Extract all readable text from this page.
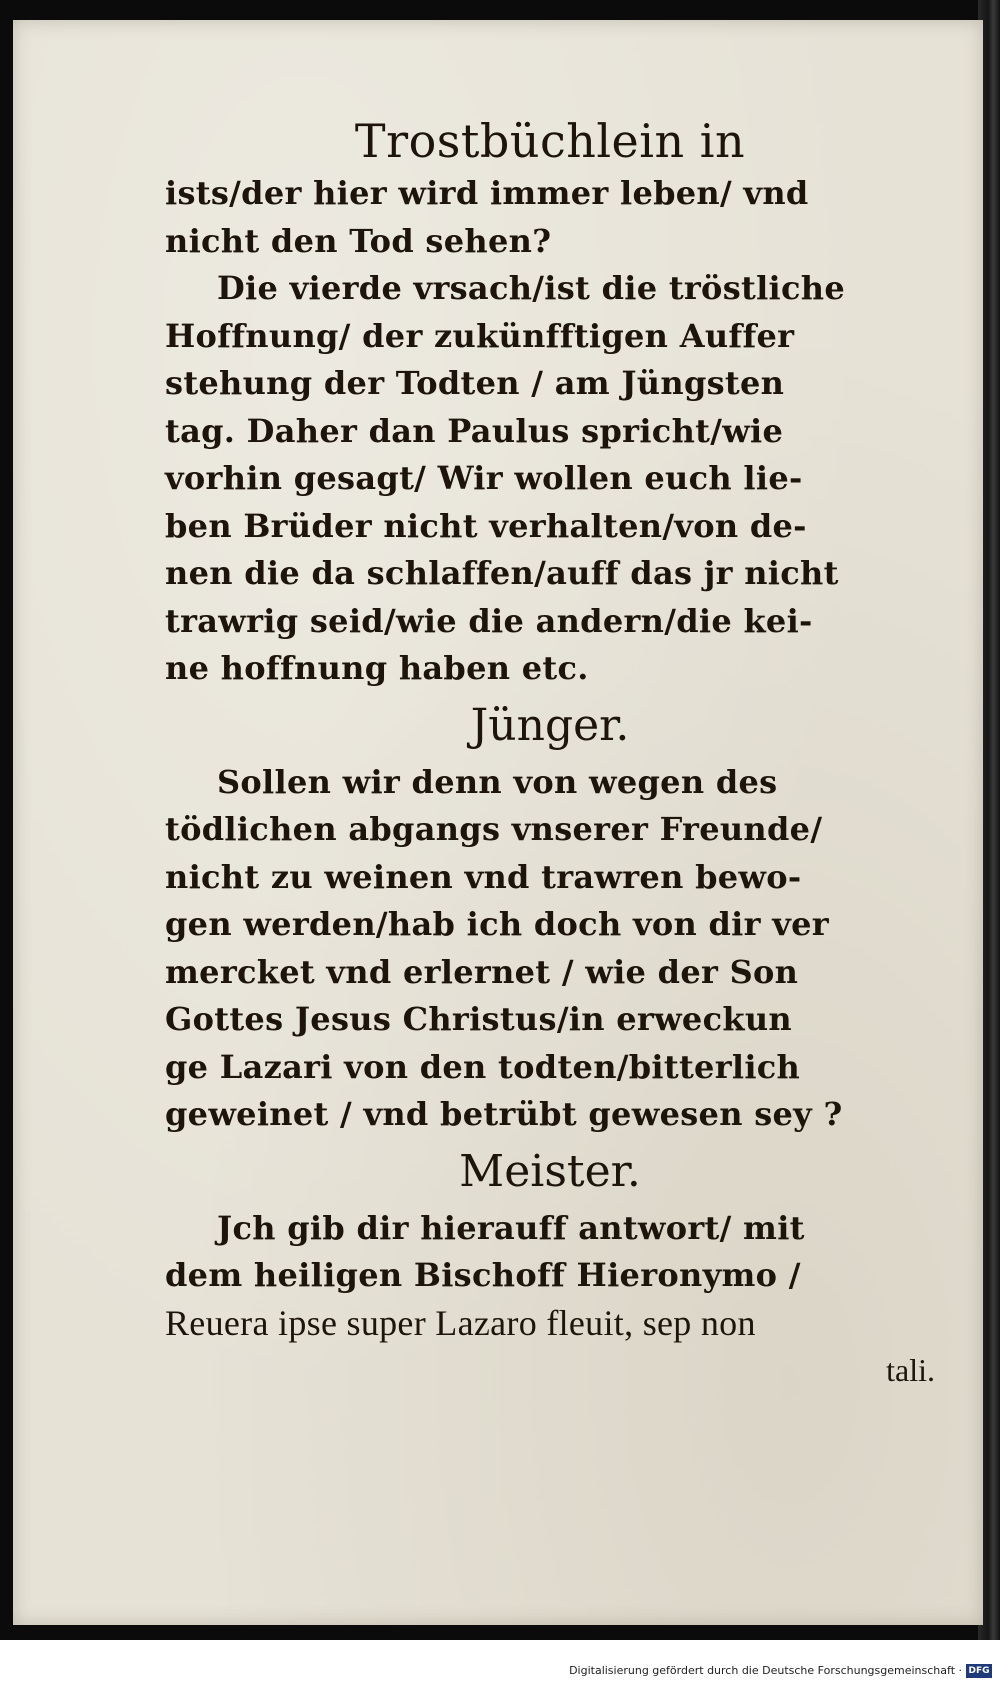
Trostbüchlein in
ists/der hier wird immer leben/ vnd
nicht den Tod sehen?
Die vierde vrsach/ist die tröstliche
Hoffnung/ der zukünfftigen Auffer
stehung der Todten / am Jüngsten
tag. Daher dan Paulus spricht/wie
vorhin gesagt/ Wir wollen euch lie-
ben Brüder nicht verhalten/von de-
nen die da schlaffen/auff das jr nicht
trawrig seid/wie die andern/die kei-
ne hoffnung haben etc.
Jünger.
Sollen wir denn von wegen des
tödlichen abgangs vnserer Freunde/
nicht zu weinen vnd trawren bewo-
gen werden/hab ich doch von dir ver
mercket vnd erlernet / wie der Son
Gottes Jesus Christus/in erweckun
ge Lazari von den todten/bitterlich
geweinet / vnd betrübt gewesen sey ?
Meister.
Jch gib dir hierauff antwort/ mit
dem heiligen Bischoff Hieronymo /
Reuera ipse super Lazaro fleuit, sep non
tali.
Digitalisierung gefördert durch die Deutsche Forschungsgemeinschaft · DFG
